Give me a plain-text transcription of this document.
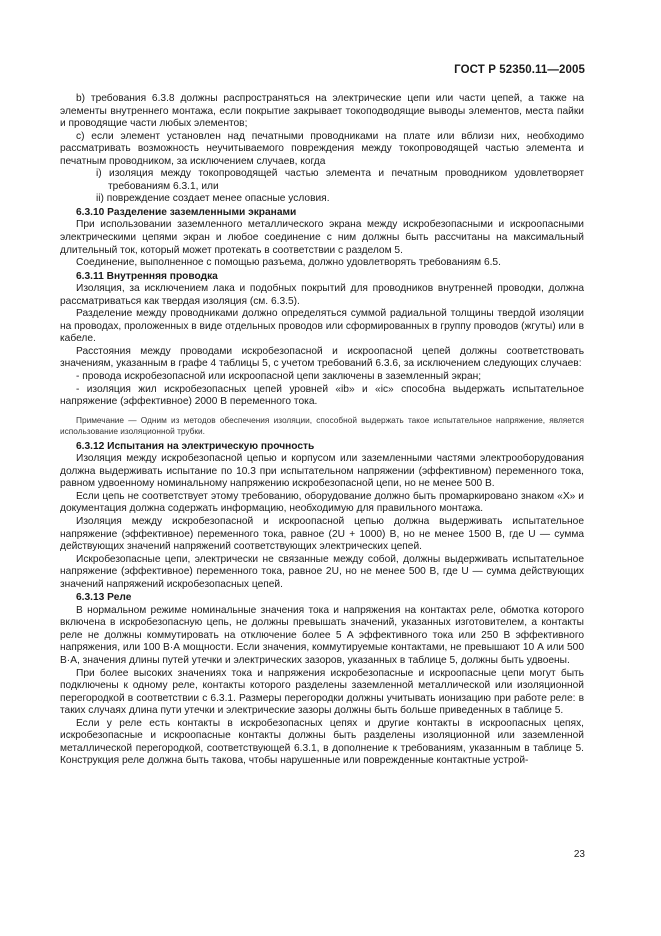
ГОСТ Р 52350.11—2005

b) требования 6.3.8 должны распространяться на электрические цепи или части цепей, а также на элементы внутреннего монтажа, если покрытие закрывает токоподводящие выводы элементов, места пайки и проводящие части любых элементов;

c) если элемент установлен над печатными проводниками на плате или вблизи них, необходимо рассматривать возможность неучитываемого повреждения между токопроводящей частью элемента и печатным проводником, за исключением случаев, когда

i) изоляция между токопроводящей частью элемента и печатным проводником удовлетворяет требованиям 6.3.1, или

ii) повреждение создает менее опасные условия.

6.3.10 Разделение заземленными экранами

При использовании заземленного металлического экрана между искробезопасными и искроопасными электрическими цепями экран и любое соединение с ним должны быть рассчитаны на максимальный длительный ток, который может протекать в соответствии с разделом 5.

Соединение, выполненное с помощью разъема, должно удовлетворять требованиям 6.5.

6.3.11 Внутренняя проводка

Изоляция, за исключением лака и подобных покрытий для проводников внутренней проводки, должна рассматриваться как твердая изоляция (см. 6.3.5).

Разделение между проводниками должно определяться суммой радиальной толщины твердой изоляции на проводах, проложенных в виде отдельных проводов или сформированных в группу проводов (жгуты) или в кабеле.

Расстояния между проводами искробезопасной и искроопасной цепей должны соответствовать значениям, указанным в графе 4 таблицы 5, с учетом требований 6.3.6, за исключением следующих случаев:

- провода искробезопасной или искроопасной цепи заключены в заземленный экран;

- изоляция жил искробезопасных цепей уровней «ib» и «ic» способна выдержать испытательное напряжение (эффективное) 2000 В переменного тока.

Примечание — Одним из методов обеспечения изоляции, способной выдержать такое испытательное напряжение, является использование изоляционной трубки.

6.3.12 Испытания на электрическую прочность

Изоляция между искробезопасной цепью и корпусом или заземленными частями электрооборудования должна выдерживать испытание по 10.3 при испытательном напряжении (эффективном) переменного тока, равном удвоенному номинальному напряжению искробезопасной цепи, но не менее 500 В.

Если цепь не соответствует этому требованию, оборудование должно быть промаркировано знаком «Х» и документация должна содержать информацию, необходимую для правильного монтажа.

Изоляция между искробезопасной и искроопасной цепью должна выдерживать испытательное напряжение (эффективное) переменного тока, равное (2U + 1000) В, но не менее 1500 В, где U — сумма действующих значений напряжений соответствующих электрических цепей.

Искробезопасные цепи, электрически не связанные между собой, должны выдерживать испытательное напряжение (эффективное) переменного тока, равное 2U, но не менее 500 В, где U — сумма действующих значений напряжений искробезопасных цепей.

6.3.13 Реле

В нормальном режиме номинальные значения тока и напряжения на контактах реле, обмотка которого включена в искробезопасную цепь, не должны превышать значений, указанных изготовителем, а контакты реле не должны коммутировать на отключение более 5 А эффективного тока или 250 В эффективного напряжения, или 100 В·А мощности. Если значения, коммутируемые контактами, не превышают 10 А или 500 В·А, значения длины путей утечки и электрических зазоров, указанных в таблице 5, должны быть удвоены.

При более высоких значениях тока и напряжения искробезопасные и искроопасные цепи могут быть подключены к одному реле, контакты которого разделены заземленной металлической или изоляционной перегородкой в соответствии с 6.3.1. Размеры перегородки должны учитывать ионизацию при работе реле: в таких случаях длина пути утечки и электрические зазоры должны быть больше приведенных в таблице 5.

Если у реле есть контакты в искробезопасных цепях и другие контакты в искроопасных цепях, искробезопасные и искроопасные контакты должны быть разделены изоляционной или заземленной металлической перегородкой, соответствующей 6.3.1, в дополнение к требованиям, указанным в таблице 5. Конструкция реле должна быть такова, чтобы нарушенные или поврежденные контактные устрой-

23
